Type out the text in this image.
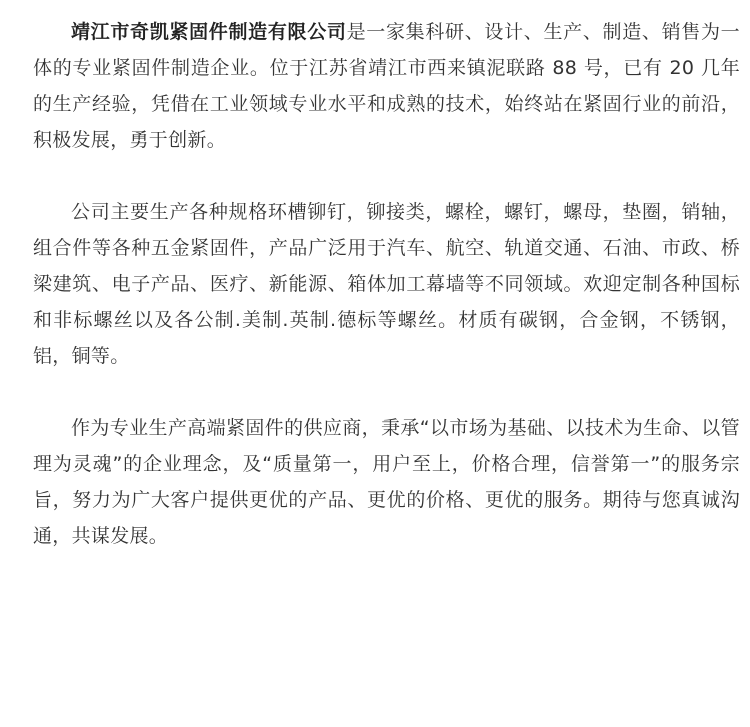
靖江市奇凯紧固件制造有限公司是一家集科研、设计、生产、制造、销售为一体的专业紧固件制造企业。位于江苏省靖江市西来镇泥联路 88 号，已有 20 几年的生产经验，凭借在工业领域专业水平和成熟的技术，始终站在紧固行业的前沿，积极发展，勇于创新。

公司主要生产各种规格环槽铆钉，铆接类，螺栓，螺钉，螺母，垫圈，销轴，组合件等各种五金紧固件，产品广泛用于汽车、航空、轨道交通、石油、市政、桥梁建筑、电子产品、医疗、新能源、箱体加工幕墙等不同领域。欢迎定制各种国标和非标螺丝以及各公制.美制.英制.德标等螺丝。材质有碳钢，合金钢，不锈钢，铝，铜等。

作为专业生产高端紧固件的供应商，秉承“以市场为基础、以技术为生命、以管理为灵魂”的企业理念，及“质量第一，用户至上，价格合理，信誉第一”的服务宗旨，努力为广大客户提供更优的产品、更优的价格、更优的服务。期待与您真诚沟通，共谋发展。
